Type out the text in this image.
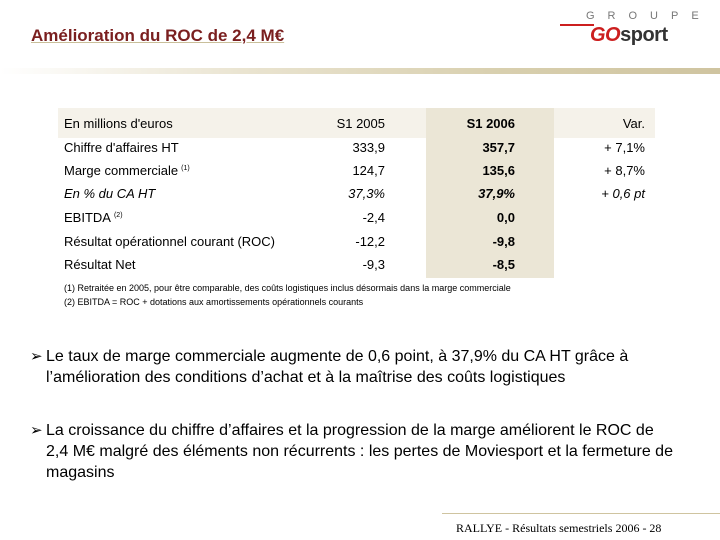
Amélioration du ROC de 2,4 M€
GROUPE
GOsport
En millions d'euros	S1 2005	S1 2006	Var.
Chiffre d'affaires HT	333,9	357,7	+ 7,1%
Marge commerciale $^{(1)}$	124,7	135,6	+ 8,7%
En % du CA HT	37,3%	37,9%	+ 0,6 pt
EBITDA $^{(2)}$	-2,4	0,0
Résultat opérationnel courant (ROC)	-12,2	-9,8
Résultat Net	-9,3	-8,5
(1) Retraitée en 2005, pour être comparable, des coûts logistiques inclus désormais dans la marge commerciale
(2) EBITDA = ROC + dotations aux amortissements opérationnels courants
➢ Le taux de marge commerciale augmente de 0,6 point, à 37,9% du CA HT grâce à l’amélioration des conditions d’achat et à la maîtrise des coûts logistiques
➢ La croissance du chiffre d’affaires et la progression de la marge améliorent le ROC de 2,4 M€ malgré des éléments non récurrents : les pertes de Moviesport et la fermeture de magasins
RALLYE - Résultats semestriels 2006 - 28
